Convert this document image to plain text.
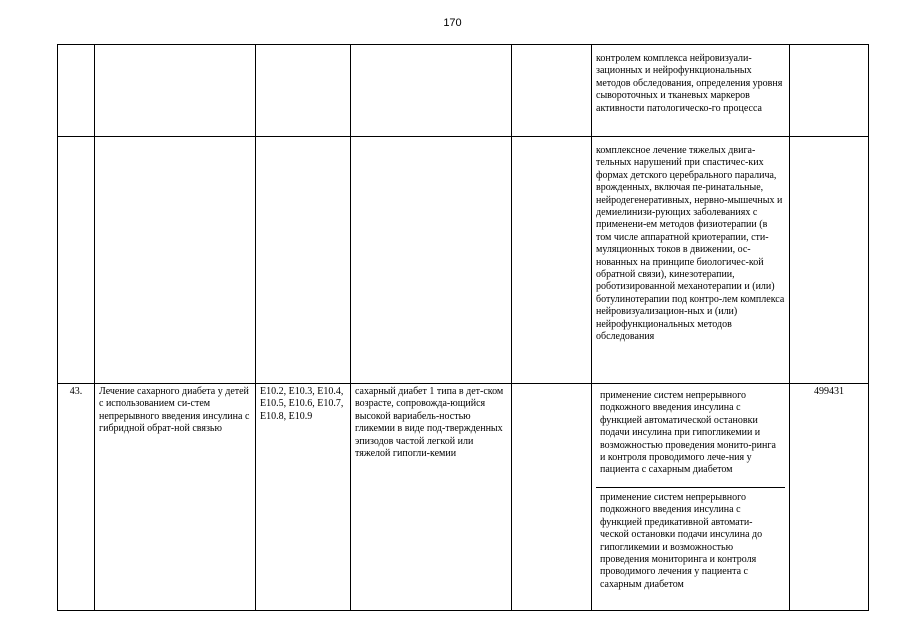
170

					контролем комплекса нейровизуали-зационных и нейрофункциональных методов обследования, определения уровня сывороточных и тканевых маркеров активности патологическо-го процесса	

					комплексное лечение тяжелых двига-тельных нарушений при спастичес-ких формах детского церебрального паралича, врожденных, включая пе-ринатальные, нейродегенеративных, нервно-мышечных и демиелинизи-рующих заболеваниях с применени-ем методов физиотерапии (в том числе аппаратной криотерапии, сти-муляционных токов в движении, ос-нованных на принципе биологичес-кой обратной связи), кинезотерапии, роботизированной механотерапии и (или) ботулинотерапии под контро-лем комплекса нейровизуализацион-ных и (или) нейрофункциональных методов обследования	

43.	Лечение сахарного диабета у детей с использованием си-стем непрерывного введения инсулина с гибридной обрат-ной связью	E10.2, E10.3, E10.4, E10.5, E10.6, E10.7, E10.8, E10.9	сахарный диабет 1 типа в дет-ском возрасте, сопровожда-ющийся высокой вариабель-ностью гликемии в виде под-твержденных эпизодов частой легкой или тяжелой гипогли-кемии		применение систем непрерывного подкожного введения инсулина с функцией автоматической остановки подачи инсулина при гипогликемии и возможностью проведения монито-ринга и контроля проводимого лече-ния у пациента с сахарным диабетом
применение систем непрерывного подкожного введения инсулина с функцией предикативной автомати-ческой остановки подачи инсулина до гипогликемии и возможностью проведения мониторинга и контроля проводимого лечения у пациента с сахарным диабетом	499431
